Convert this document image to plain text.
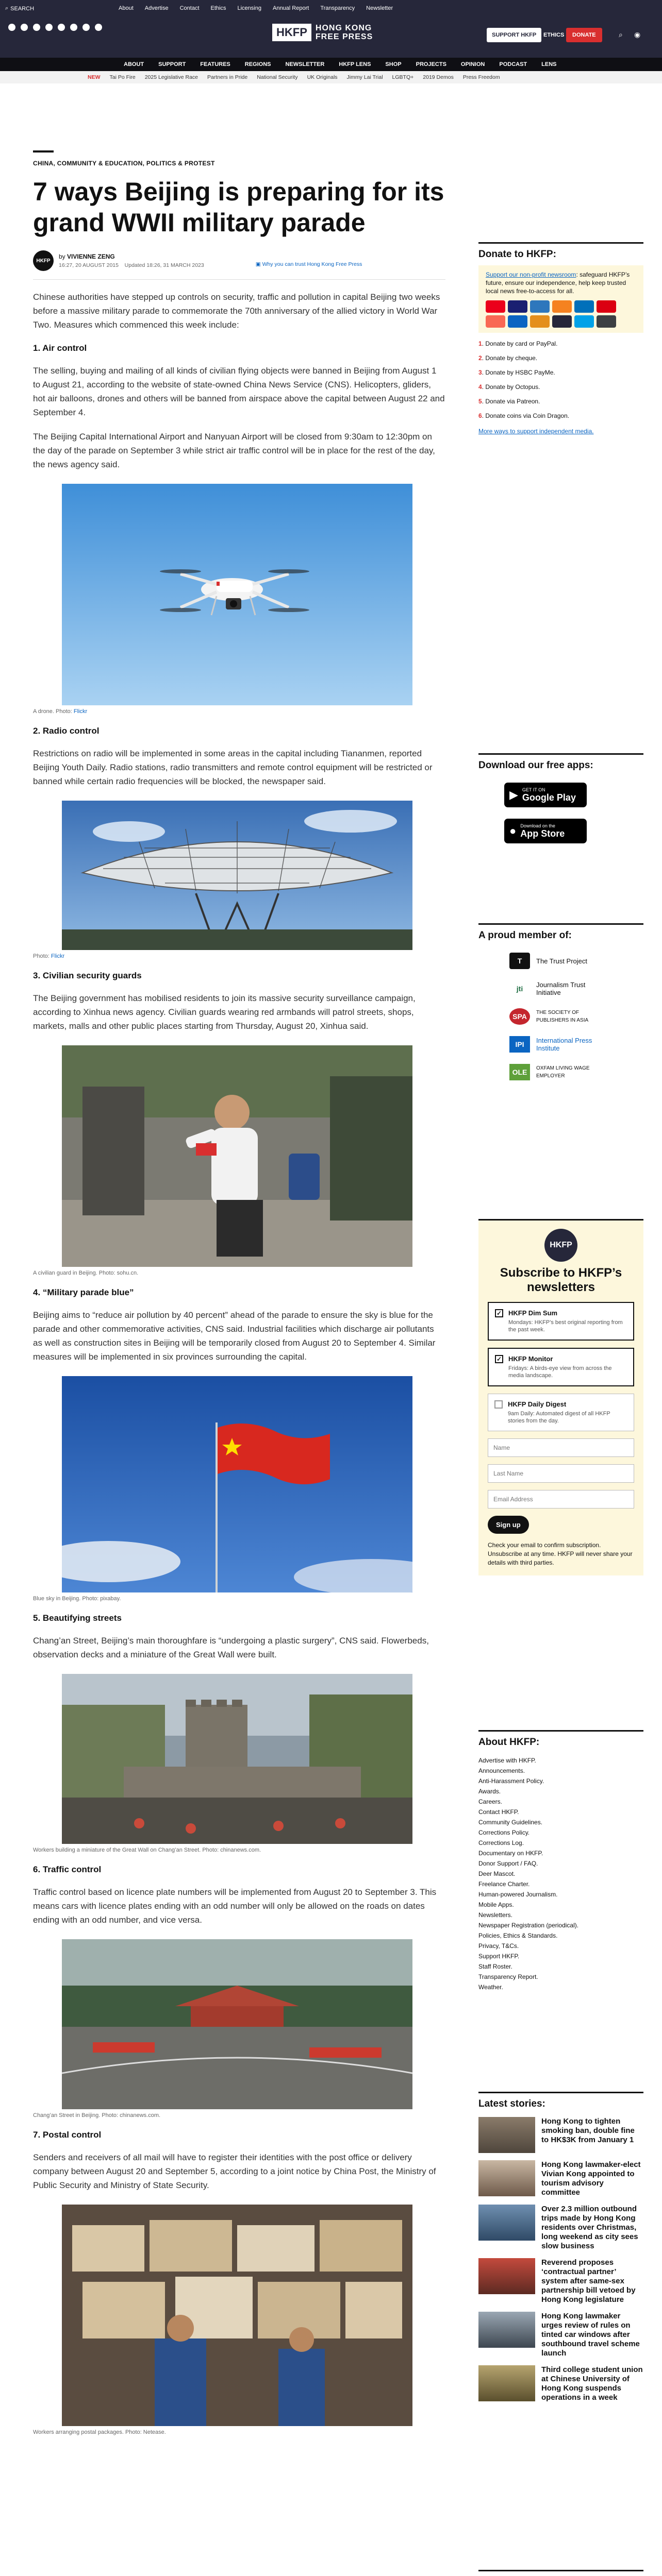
⌕ SEARCH	About Advertise Contact Ethics Licensing Annual Report Transparency Newsletter
HKFP	HONG KONG
FREE PRESS	SUPPORT HKFP	ETHICS	DONATE	⌕ ◉
ABOUT	SUPPORT	FEATURES	REGIONS	NEWSLETTER	HKFP LENS	SHOP	PROJECTS	OPINION	PODCAST	LENS
NEW Tai Po Fire 2025 Legislative Race Partners in Pride National Security UK Originals Jimmy Lai Trial LGBTQ+ 2019 Demos Press Freedom
CHINA, COMMUNITY & EDUCATION, POLITICS & PROTEST
7 ways Beijing is preparing for its grand WWII military parade
HKFP
by VIVIENNE ZENG
16:27, 20 AUGUST 2015 Updated 18:26, 31 MARCH 2023	▣ Why you can trust Hong Kong Free Press

Chinese authorities have stepped up controls on security, traffic and pollution in capital Beijing two weeks before a massive military parade to commemorate the 70th anniversary of the allied victory in World War Two. Measures which commenced this week include:

1. Air control

The selling, buying and mailing of all kinds of civilian flying objects were banned in Beijing from August 1 to August 21, according to the website of state-owned China News Service (CNS). Helicopters, gliders, hot air balloons, drones and others will be banned from airspace above the capital between August 22 and September 4.

The Beijing Capital International Airport and Nanyuan Airport will be closed from 9:30am to 12:30pm on the day of the parade on September 3 while strict air traffic control will be in place for the rest of the day, the news agency said.

A drone. Photo: Flickr
2. Radio control

Restrictions on radio will be implemented in some areas in the capital including Tiananmen, reported Beijing Youth Daily. Radio stations, radio transmitters and remote control equipment will be restricted or banned while certain radio frequencies will be blocked, the newspaper said.

Photo: Flickr
3. Civilian security guards

The Beijing government has mobilised residents to join its massive security surveillance campaign, according to Xinhua news agency. Civilian guards wearing red armbands will patrol streets, shops, markets, malls and other public places starting from Thursday, August 20, Xinhua said.

A civilian guard in Beijing. Photo: sohu.cn.
4. “Military parade blue”

Beijing aims to “reduce air pollution by 40 percent” ahead of the parade to ensure the sky is blue for the parade and other commemorative activities, CNS said. Industrial facilities which discharge air pollutants as well as construction sites in Beijing will be temporarily closed from August 20 to September 4. Similar measures will be implemented in six provinces surrounding the capital.

Blue sky in Beijing. Photo: pixabay.
5. Beautifying streets

Chang’an Street, Beijing’s main thoroughfare is “undergoing a plastic surgery”, CNS said. Flowerbeds, observation decks and a miniature of the Great Wall were built.

Workers building a miniature of the Great Wall on Chang’an Street. Photo: chinanews.com.
6. Traffic control

Traffic control based on licence plate numbers will be implemented from August 20 to September 3. This means cars with licence plates ending with an odd number will only be allowed on the roads on dates ending with an odd number, and vice versa.

Chang’an Street in Beijing. Photo: chinanews.com.
7. Postal control

Senders and receivers of all mail will have to register their identities with the post office or delivery company between August 20 and September 5, according to a joint notice by China Post, the Ministry of Public Security and Ministry of State Security.

Workers arranging postal packages. Photo: Netease.
Donate to HKFP:
Support our non-profit newsroom: safeguard HKFP’s future, ensure our independence, help keep trusted local news free-to-access for all.
1. Donate by card or PayPal.
2. Donate by cheque.
3. Donate by HSBC PayMe.
4. Donate by Octopus.
5. Donate via Patreon.
6. Donate coins via Coin Dragon.
More ways to support independent media.
Download our free apps:
▶ GET IT ON
Google Play
● Download on the
App Store
A proud member of:
T	The Trust Project
jti	Journalism Trust Initiative
SPA	THE SOCIETY OF PUBLISHERS IN ASIA
IPI	International Press Institute
OLE	OXFAM LIVING WAGE EMPLOYER
HKFP
Subscribe to HKFP’s newsletters
✓ HKFP Dim Sum
Mondays: HKFP’s best original reporting from the past week.
✓ HKFP Monitor
Fridays: A birds-eye view from across the media landscape.
HKFP Daily Digest
9am Daily: Automated digest of all HKFP stories from the day.
Name
Last Name
Email Address
Sign up
Check your email to confirm subscription. Unsubscribe at any time. HKFP will never share your details with third parties.
About HKFP:
Advertise with HKFP.
Announcements.
Anti-Harassment Policy.
Awards.
Careers.
Contact HKFP.
Community Guidelines.
Corrections Policy.
Corrections Log.
Documentary on HKFP.
Donor Support / FAQ.
Deer Mascot.
Freelance Charter.
Human-powered Journalism.
Mobile Apps.
Newsletters.
Newspaper Registration (periodical).
Policies, Ethics & Standards.
Privacy, T&Cs.
Support HKFP.
Staff Roster.
Transparency Report.
Weather.
Latest stories:
Hong Kong to tighten smoking ban, double fine to HK$3K from January 1
Hong Kong lawmaker-elect Vivian Kong appointed to tourism advisory committee
Over 2.3 million outbound trips made by Hong Kong residents over Christmas, long weekend as city sees slow business
Reverend proposes ‘contractual partner’ system after same-sex partnership bill vetoed by Hong Kong legislature
Hong Kong lawmaker urges review of rules on tinted car windows after southbound travel scheme launch
Third college student union at Chinese University of Hong Kong suspends operations in a week
